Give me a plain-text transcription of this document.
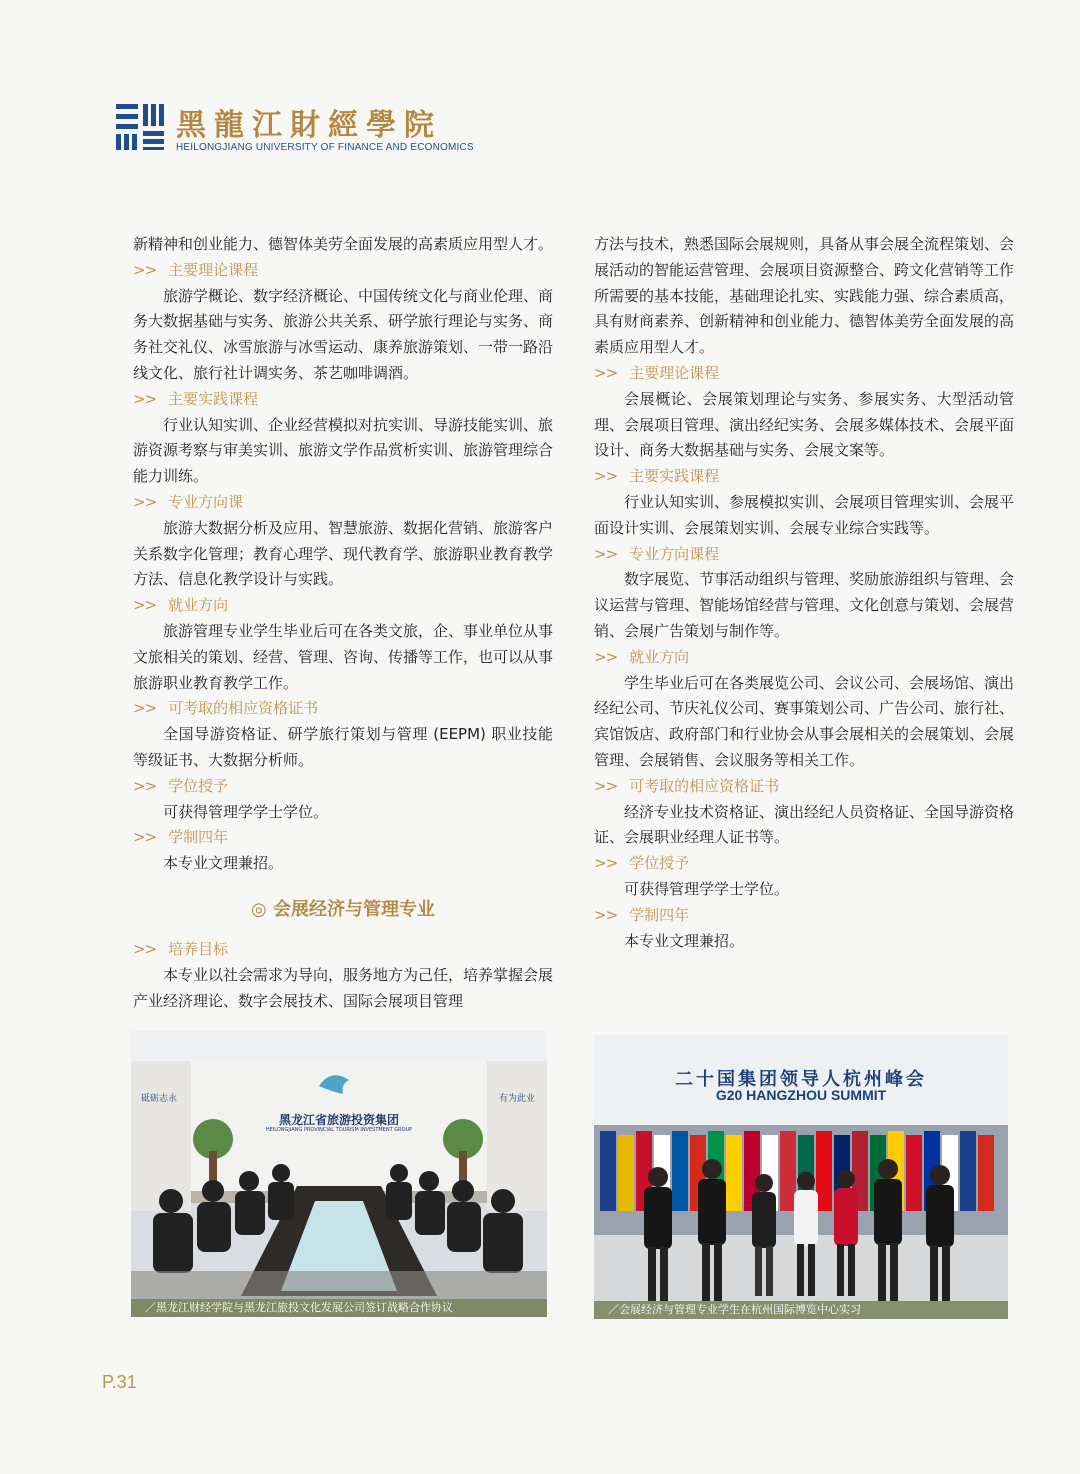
黑龍江財經學院
HEILONGJIANG UNIVERSITY OF FINANCE AND ECONOMICS

新精神和创业能力、德智体美劳全面发展的高素质应用型人才。

>> 主要理论课程

旅游学概论、数字经济概论、中国传统文化与商业伦理、商务大数据基础与实务、旅游公共关系、研学旅行理论与实务、商务社交礼仪、冰雪旅游与冰雪运动、康养旅游策划、一带一路沿线文化、旅行社计调实务、茶艺咖啡调酒。

>> 主要实践课程

行业认知实训、企业经营模拟对抗实训、导游技能实训、旅游资源考察与审美实训、旅游文学作品赏析实训、旅游管理综合能力训练。

>> 专业方向课

旅游大数据分析及应用、智慧旅游、数据化营销、旅游客户关系数字化管理；教育心理学、现代教育学、旅游职业教育教学方法、信息化教学设计与实践。

>> 就业方向

旅游管理专业学生毕业后可在各类文旅，企、事业单位从事文旅相关的策划、经营、管理、咨询、传播等工作，也可以从事旅游职业教育教学工作。

>> 可考取的相应资格证书

全国导游资格证、研学旅行策划与管理 (EEPM) 职业技能等级证书、大数据分析师。

>> 学位授予

可获得管理学学士学位。

>> 学制四年

本专业文理兼招。

◎ 会展经济与管理专业

>> 培养目标

本专业以社会需求为导向，服务地方为己任，培养掌握会展产业经济理论、数字会展技术、国际会展项目管理

方法与技术，熟悉国际会展规则，具备从事会展全流程策划、会展活动的智能运营管理、会展项目资源整合、跨文化营销等工作所需要的基本技能，基础理论扎实、实践能力强、综合素质高，具有财商素养、创新精神和创业能力、德智体美劳全面发展的高素质应用型人才。

>> 主要理论课程

会展概论、会展策划理论与实务、参展实务、大型活动管理、会展项目管理、演出经纪实务、会展多媒体技术、会展平面设计、商务大数据基础与实务、会展文案等。

>> 主要实践课程

行业认知实训、参展模拟实训、会展项目管理实训、会展平面设计实训、会展策划实训、会展专业综合实践等。

>> 专业方向课程

数字展览、节事活动组织与管理、奖励旅游组织与管理、会议运营与管理、智能场馆经营与管理、文化创意与策划、会展营销、会展广告策划与制作等。

>> 就业方向

学生毕业后可在各类展览公司、会议公司、会展场馆、演出经纪公司、节庆礼仪公司、赛事策划公司、广告公司、旅行社、宾馆饭店、政府部门和行业协会从事会展相关的会展策划、会展管理、会展销售、会议服务等相关工作。

>> 可考取的相应资格证书

经济专业技术资格证、演出经纪人员资格证、全国导游资格证、会展职业经理人证书等。

>> 学位授予

可获得管理学学士学位。

>> 学制四年

本专业文理兼招。

黑龙江省旅游投资集团
HEILONGJIANG PROVINCIAL TOURISM INVESTMENT GROUP
砥砺志永	有为此业
／黑龙江财经学院与黑龙江旅投文化发展公司签订战略合作协议
二十国集团领导人杭州峰会
G20 HANGZHOU SUMMIT
／会展经济与管理专业学生在杭州国际博览中心实习
P.31
